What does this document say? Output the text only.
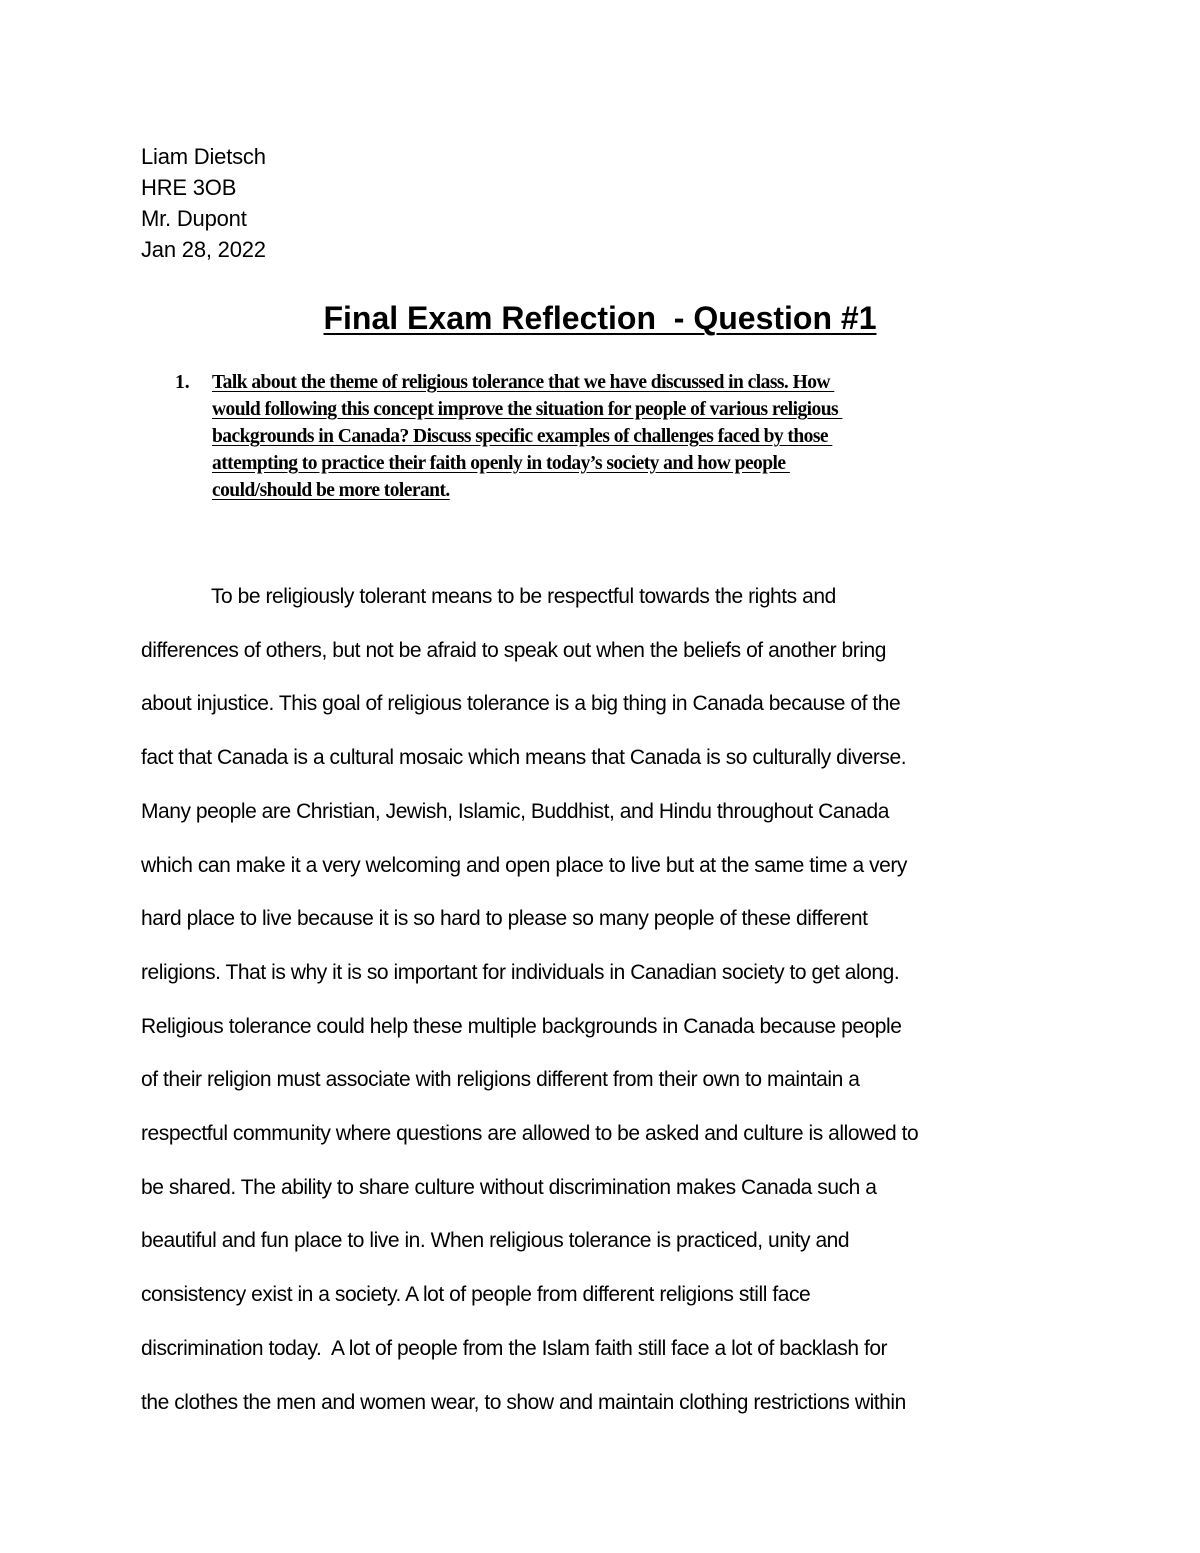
Liam Dietsch
HRE 3OB
Mr. Dupont
Jan 28, 2022
Final Exam Reflection  - Question #1
1. Talk about the theme of religious tolerance that we have discussed in class. How
would following this concept improve the situation for people of various religious
backgrounds in Canada? Discuss specific examples of challenges faced by those
attempting to practice their faith openly in today’s society and how people
could/should be more tolerant.
To be religiously tolerant means to be respectful towards the rights and
differences of others, but not be afraid to speak out when the beliefs of another bring
about injustice. This goal of religious tolerance is a big thing in Canada because of the
fact that Canada is a cultural mosaic which means that Canada is so culturally diverse.
Many people are Christian, Jewish, Islamic, Buddhist, and Hindu throughout Canada
which can make it a very welcoming and open place to live but at the same time a very
hard place to live because it is so hard to please so many people of these different
religions. That is why it is so important for individuals in Canadian society to get along.
Religious tolerance could help these multiple backgrounds in Canada because people
of their religion must associate with religions different from their own to maintain a
respectful community where questions are allowed to be asked and culture is allowed to
be shared. The ability to share culture without discrimination makes Canada such a
beautiful and fun place to live in. When religious tolerance is practiced, unity and
consistency exist in a society. A lot of people from different religions still face
discrimination today.  A lot of people from the Islam faith still face a lot of backlash for
the clothes the men and women wear, to show and maintain clothing restrictions within
